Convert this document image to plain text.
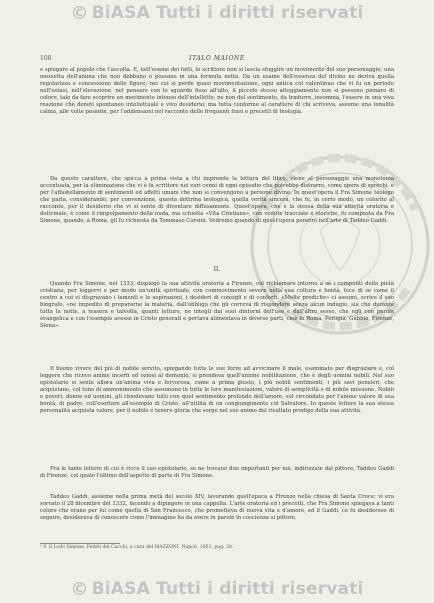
© BiASA Tutti i diritti riservati
108	ITALO MAIONE
e spiegare al popolo che l'ascolta. E, nell'esame dei fatti, lo scrittore non si lascia sfuggire un movimento del suo personaggio, una mossetta dell'anima che non debbano o possano in una formula netta. Da un esame dell'essenza del divino ne deriva quella regolarizza e concessione delle figure; nei cui si perde quasi movimentazione, ogni antica col valentinuo che vi fu un periodo nell'estasi, nell'elevazione, nel pensare con lo sguardo fisso all'alto, il piccolo stesso atteggiamento non si possono pienare di colore, tale da fare scoprire un movimento intenso dell'intelletto, ne non del sentimento, da tradurre, insomma, l'essere in una viva reazione che denoti spontaneo intellettuale e vivo desiderio; ma tutta conforme al carattere di chi scriveva, assume una tonalità calma, alle volte pesante, per l'addensarsi nel racconto delle frequenti frasi e precetti di teologia.
Da questo carattere, che spicca a prima vista a chi imprende la lettura del libro, viene al personaggio una monotonia accentuata, per la eliminazione che vi è fa scrittore nei vari cenni di ogni episodio che potrebbe distrarre, come opera di sprechi, e per l'affastellamento di sentimenti ed affetti umani che non si convengono a persone divine. In quest'opera il Fra Simone teologo che parla, considerando, per convenzione, questa dottrina teologica, quella verità sincera, che fu, in certo modo, un colorito al racconto, per il desiderio che vi si sente di diventare diffusamente. Quest'opera, che è la stessa della sua attività oratoria e dottrinale, è come il rimpolpamento della nuda, ma schietta «Vita Cristiana», con vedute tracciate e storiche, fu composta da Fra Simone, quando, a Roma, gli fu richiesta da Tommaso Corsini. Vedremo quando di quest'opera penetrò nell'arte di Taddeo Gaddi.
II.
Quando Fra Simone, nel 1333, dispiegò la sua attività oratoria a Firenze, col richiamare intorno a sé i compunti della pietà cristiana, per leggervi e per modo un'unità spirituale, con commovimento severo nella sua cultura e bontà, fece di se come il centro a cui vi disgravano i lamenti e le aspirazioni, i desideri di consigli e di conforti. «Molte prediche» ci assumi, scrive il suo biografo, «ne impedito di prepararne la materia, dall'obbligo che gli correva di rispondere senza alcun indugio, sia che durante tutta la notte, a tessera e talvolta, quanti letture, ne integli dai suoi dintorni dell'uso e dall'altro sesso, che egli con parola evangelica e con l'esempio avesse in Cristo generati e portava alimentava in diverse parti, cioè in Roma, Perugia, Gubbio, Firenze, Siena».
Il buono vivere del più di nobile servito, spiegando tutte le sue forze ad avvicinare il male, esaminato per disgraziare e, col leggere che ricevo anime incerti ed oziosi al demonio, si prendeva quell'unione nobilitazione, che è degli uomini nobili. Nel suo epistolario si sente allora un'anima viva e fervorosa, come a prima giusto, i più nobili sentimenti, i più savi pensieri, che acquistano, col tono di ammonimento che assumono in tutte le loro manifestazioni, valore di semplicità e di nobile missione. Nobili e poveri, donne ed uomini, gli chiedevano tutti con quel sentimento profondo dell'amore, sol circondato per l'anime valore di sua bontà, di padre, coll'esortare all'esempio di Cristo, all'utilità di un congiungimento col Salvatore. In queste lettere la sua stessa personalità acquista valore, per il nobile e tenere gloria che sorge nel suo animo dal risultato prodigo della sua attività.
Fra le tante lettere di cui è ricco il suo epistolario, se ne trovano due importanti per noi, indirizzate dal pittore, Taddeo Gaddi di Firenze, col quale l'ultimo dell'aspetto di parte di Fra Simone.
Taddeo Gaddi, assieme nella prima metà del secolo XIV, lavorando quell'epoca a Firenze nella chiesa di Santa Croce; vi era sorvato il 28 dicembre del 1332, facendo a dipingere in una cappella. L'arte oratoria ed i precetti, che Fra Simone spiegava a tanti colore che erano per lui come quella di San Francesco, che prometteva di nuova vita e d'amore, ed il Gaddi, ce fu desideroso di seguire, desiderava di conoscere come l'immagine ha da avere in parole in coscienza si pittore.
¹ V. Il Lodo Simone, Fedeli dei Cacchi, a cura del MAZZONI. Napoli, 1851, pag. 28.
© BiASA Tutti i diritti riservati
